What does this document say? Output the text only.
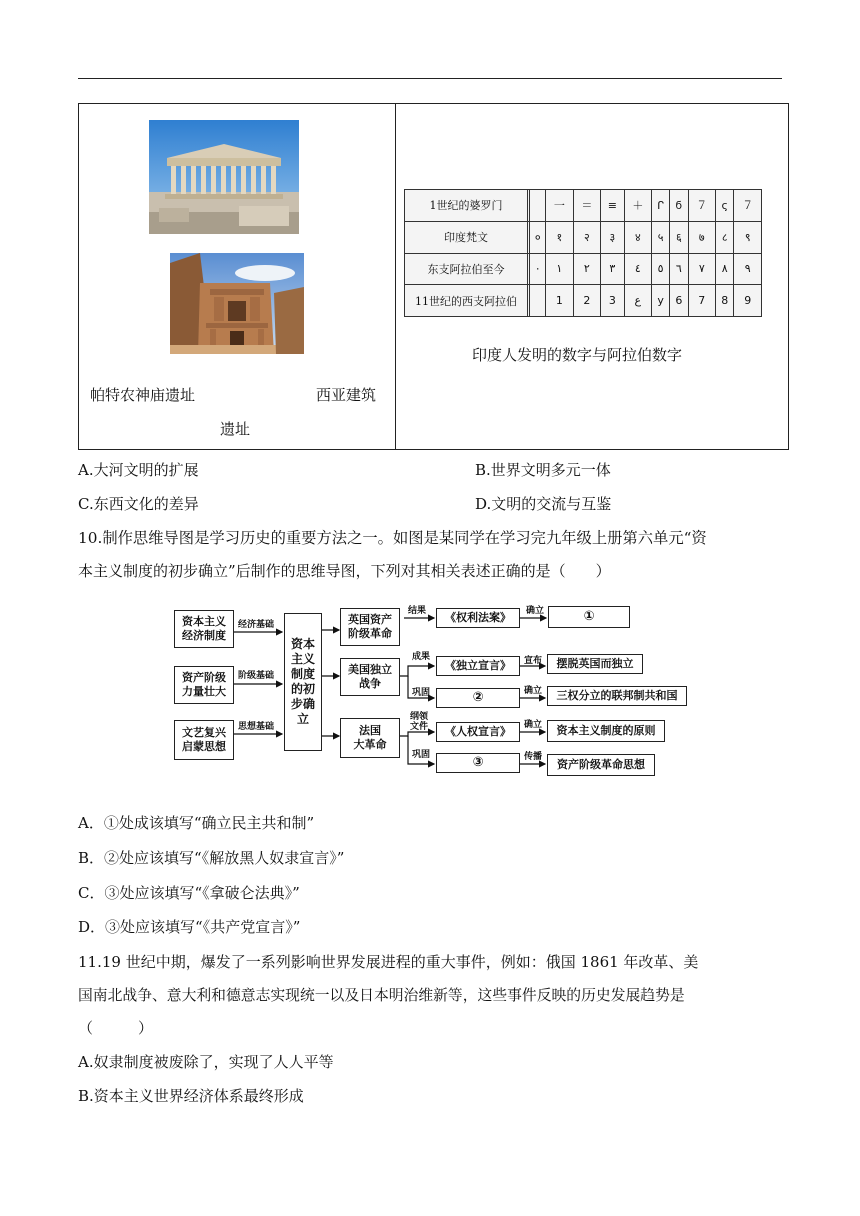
帕特农神庙遗址	西亚建筑
遗址
1世纪的婆罗门			一	＝	≡	＋	ᒋ	ϭ	７	ς	７
印度梵文		०	१	२	३	४	५	६	७	८	९
东支阿拉伯至今		٠	١	٢	٣	٤	٥	٦	٧	٨	٩
11世纪的西支阿拉伯			1	2	3	ع	y	6	7	8	9
印度人发明的数字与阿拉伯数字
A.大河文明的扩展	B.世界文明多元一体
C.东西文化的差异	D.文明的交流与互鉴
10.制作思维导图是学习历史的重要方法之一。如图是某同学在学习完九年级上册第六单元“资
本主义制度的初步确立”后制作的思维导图，下列对其相关表述正确的是（　　）
资本主义
经济制度
资产阶级
力量壮大
文艺复兴
启蒙思想
经济基础
阶级基础
思想基础
资本
主义
制度
的初
步确
立
英国资产
阶级革命
美国独立
战争
法国
大革命
结果	《权利法案》	确立	①
成果
《独立宣言》	宣布	摆脱英国而独立
巩固	②	确立	三权分立的联邦制共和国
纲领
文件	《人权宣言》	确立	资本主义制度的原则
巩固	③	传播
资产阶级革命思想
A．①处成该填写“确立民主共和制”
B．②处应该填写“《解放黑人奴隶宣言》”
C．③处应该填写“《拿破仑法典》”
D．③处应该填写“《共产党宣言》”
11.19 世纪中期，爆发了一系列影响世界发展进程的重大事件，例如：俄国 1861 年改革、美
国南北战争、意大利和德意志实现统一以及日本明治维新等，这些事件反映的历史发展趋势是
（　　　）
A.奴隶制度被废除了，实现了人人平等
B.资本主义世界经济体系最终形成
